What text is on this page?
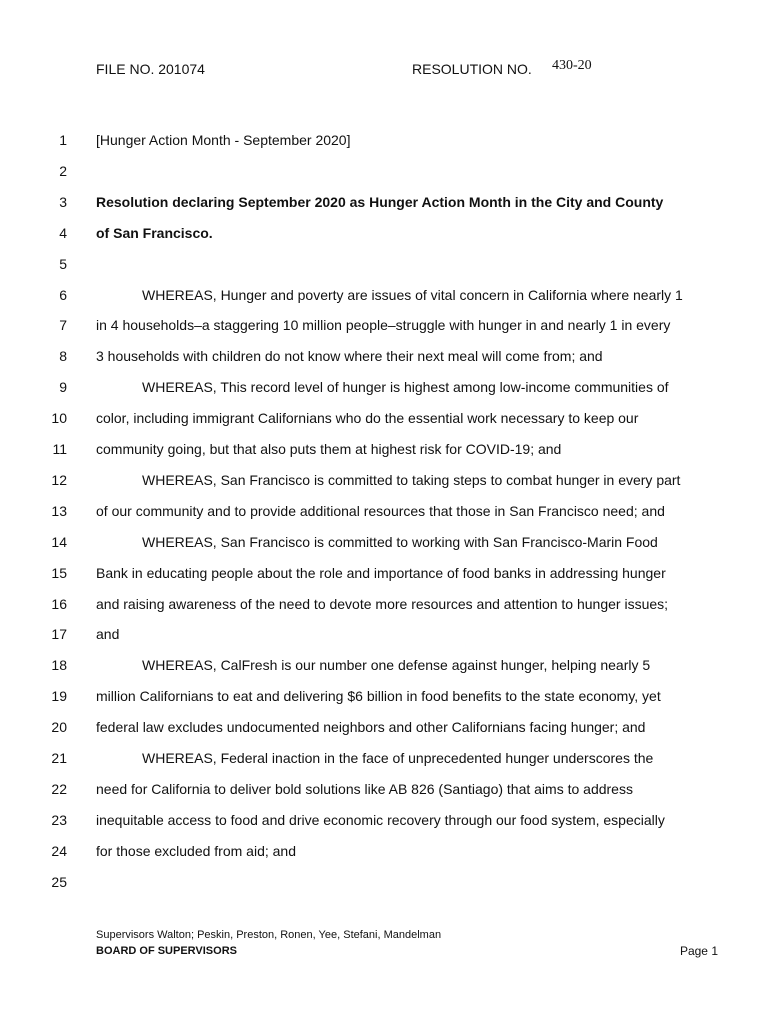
FILE NO. 201074	RESOLUTION NO. 430-20
1 [Hunger Action Month - September 2020]
2
3 Resolution declaring September 2020 as Hunger Action Month in the City and County
4 of San Francisco.
5
6	WHEREAS, Hunger and poverty are issues of vital concern in California where nearly 1
7 in 4 households–a staggering 10 million people–struggle with hunger in and nearly 1 in every
8 3 households with children do not know where their next meal will come from; and
9	WHEREAS, This record level of hunger is highest among low-income communities of
10 color, including immigrant Californians who do the essential work necessary to keep our
11 community going, but that also puts them at highest risk for COVID-19; and
12	WHEREAS, San Francisco is committed to taking steps to combat hunger in every part
13 of our community and to provide additional resources that those in San Francisco need; and
14	WHEREAS, San Francisco is committed to working with San Francisco-Marin Food
15 Bank in educating people about the role and importance of food banks in addressing hunger
16 and raising awareness of the need to devote more resources and attention to hunger issues;
17 and
18	WHEREAS, CalFresh is our number one defense against hunger, helping nearly 5
19 million Californians to eat and delivering $6 billion in food benefits to the state economy, yet
20 federal law excludes undocumented neighbors and other Californians facing hunger; and
21	WHEREAS, Federal inaction in the face of unprecedented hunger underscores the
22 need for California to deliver bold solutions like AB 826 (Santiago) that aims to address
23 inequitable access to food and drive economic recovery through our food system, especially
24 for those excluded from aid; and
25
Supervisors Walton; Peskin, Preston, Ronen, Yee, Stefani, Mandelman
BOARD OF SUPERVISORS	Page 1
